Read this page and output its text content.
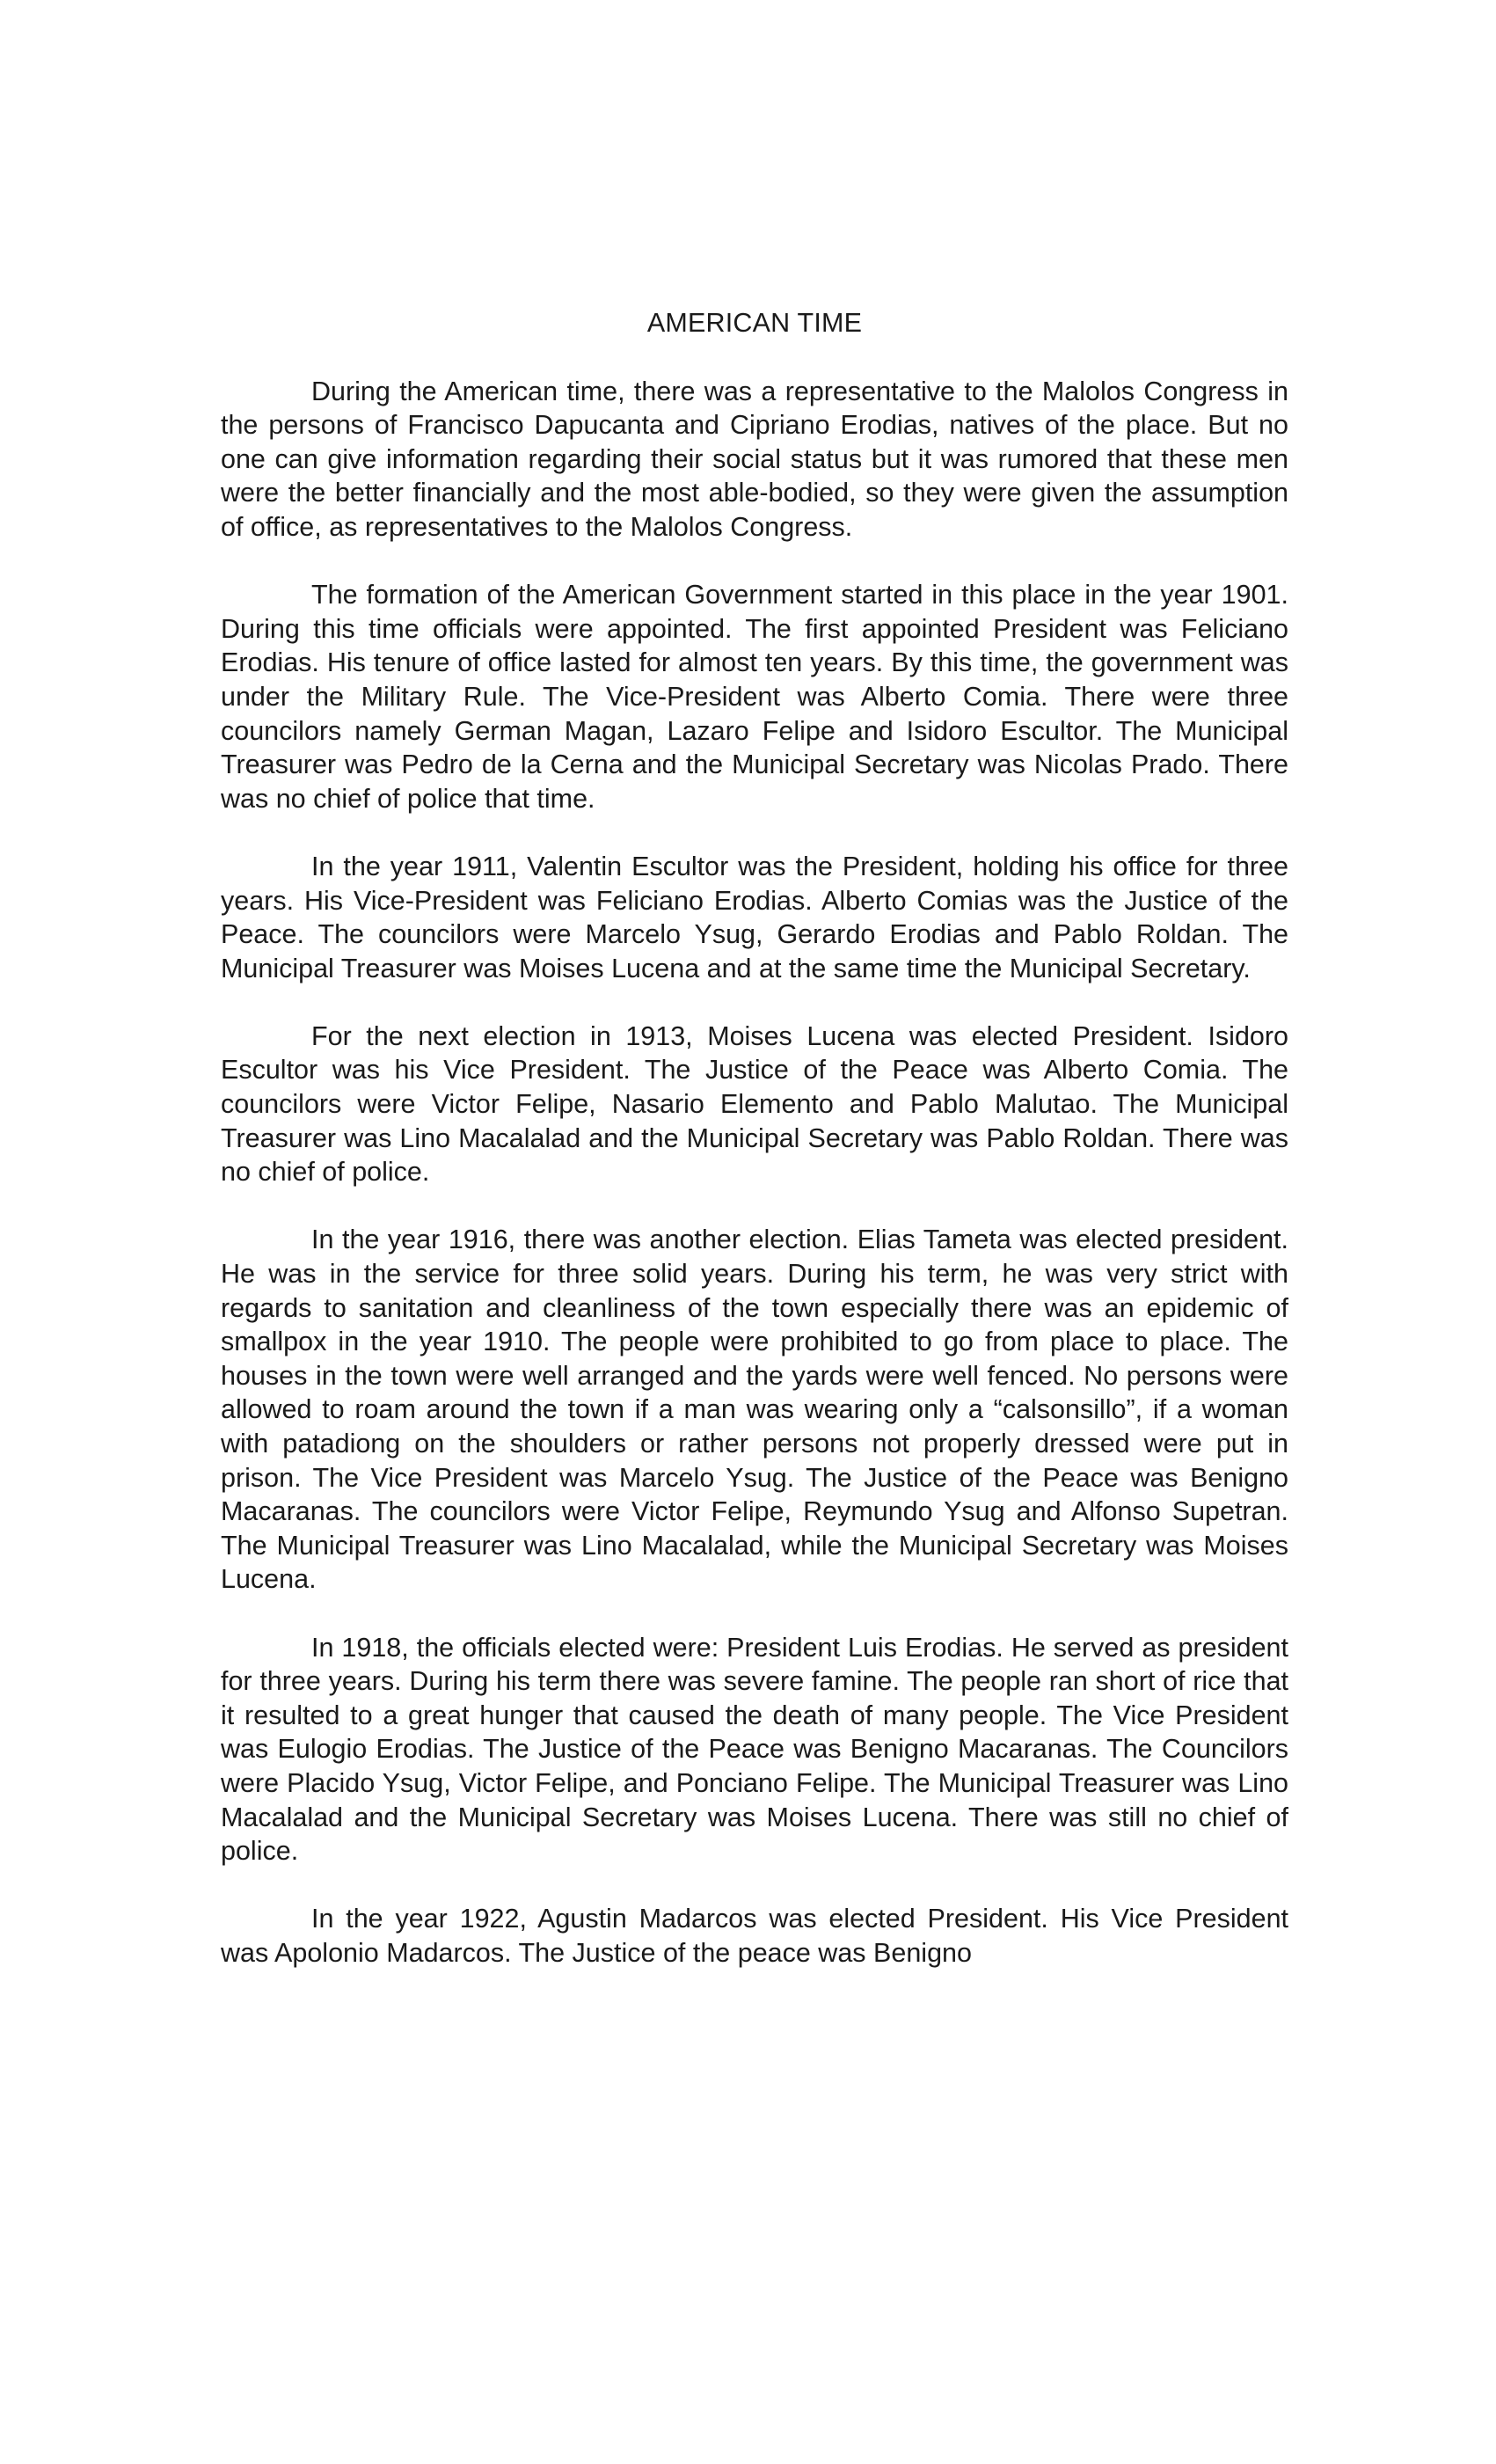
AMERICAN TIME

During the American time, there was a representative to the Malolos Congress in the persons of Francisco Dapucanta and Cipriano Erodias, natives of the place. But no one can give information regarding their social status but it was rumored that these men were the better financially and the most able-bodied, so they were given the assumption of office, as representatives to the Malolos Congress.

The formation of the American Government started in this place in the year 1901. During this time officials were appointed. The first appointed President was Feliciano Erodias. His tenure of office lasted for almost ten years. By this time, the government was under the Military Rule. The Vice-President was Alberto Comia. There were three councilors namely German Magan, Lazaro Felipe and Isidoro Escultor. The Municipal Treasurer was Pedro de la Cerna and the Municipal Secretary was Nicolas Prado. There was no chief of police that time.

In the year 1911, Valentin Escultor was the President, holding his office for three years. His Vice-President was Feliciano Erodias. Alberto Comias was the Justice of the Peace. The councilors were Marcelo Ysug, Gerardo Erodias and Pablo Roldan. The Municipal Treasurer was Moises Lucena and at the same time the Municipal Secretary.

For the next election in 1913, Moises Lucena was elected President. Isidoro Escultor was his Vice President. The Justice of the Peace was Alberto Comia. The councilors were Victor Felipe, Nasario Elemento and Pablo Malutao. The Municipal Treasurer was Lino Macalalad and the Municipal Secretary was Pablo Roldan. There was no chief of police.

In the year 1916, there was another election. Elias Tameta was elected president. He was in the service for three solid years. During his term, he was very strict with regards to sanitation and cleanliness of the town especially there was an epidemic of smallpox in the year 1910. The people were prohibited to go from place to place. The houses in the town were well arranged and the yards were well fenced. No persons were allowed to roam around the town if a man was wearing only a “calsonsillo”, if a woman with patadiong on the shoulders or rather persons not properly dressed were put in prison. The Vice President was Marcelo Ysug. The Justice of the Peace was Benigno Macaranas. The councilors were Victor Felipe, Reymundo Ysug and Alfonso Supetran. The Municipal Treasurer was Lino Macalalad, while the Municipal Secretary was Moises Lucena.

In 1918, the officials elected were: President Luis Erodias. He served as president for three years. During his term there was severe famine. The people ran short of rice that it resulted to a great hunger that caused the death of many people. The Vice President was Eulogio Erodias. The Justice of the Peace was Benigno Macaranas. The Councilors were Placido Ysug, Victor Felipe, and Ponciano Felipe. The Municipal Treasurer was Lino Macalalad and the Municipal Secretary was Moises Lucena. There was still no chief of police.

In the year 1922, Agustin Madarcos was elected President. His Vice President was Apolonio Madarcos. The Justice of the peace was Benigno
